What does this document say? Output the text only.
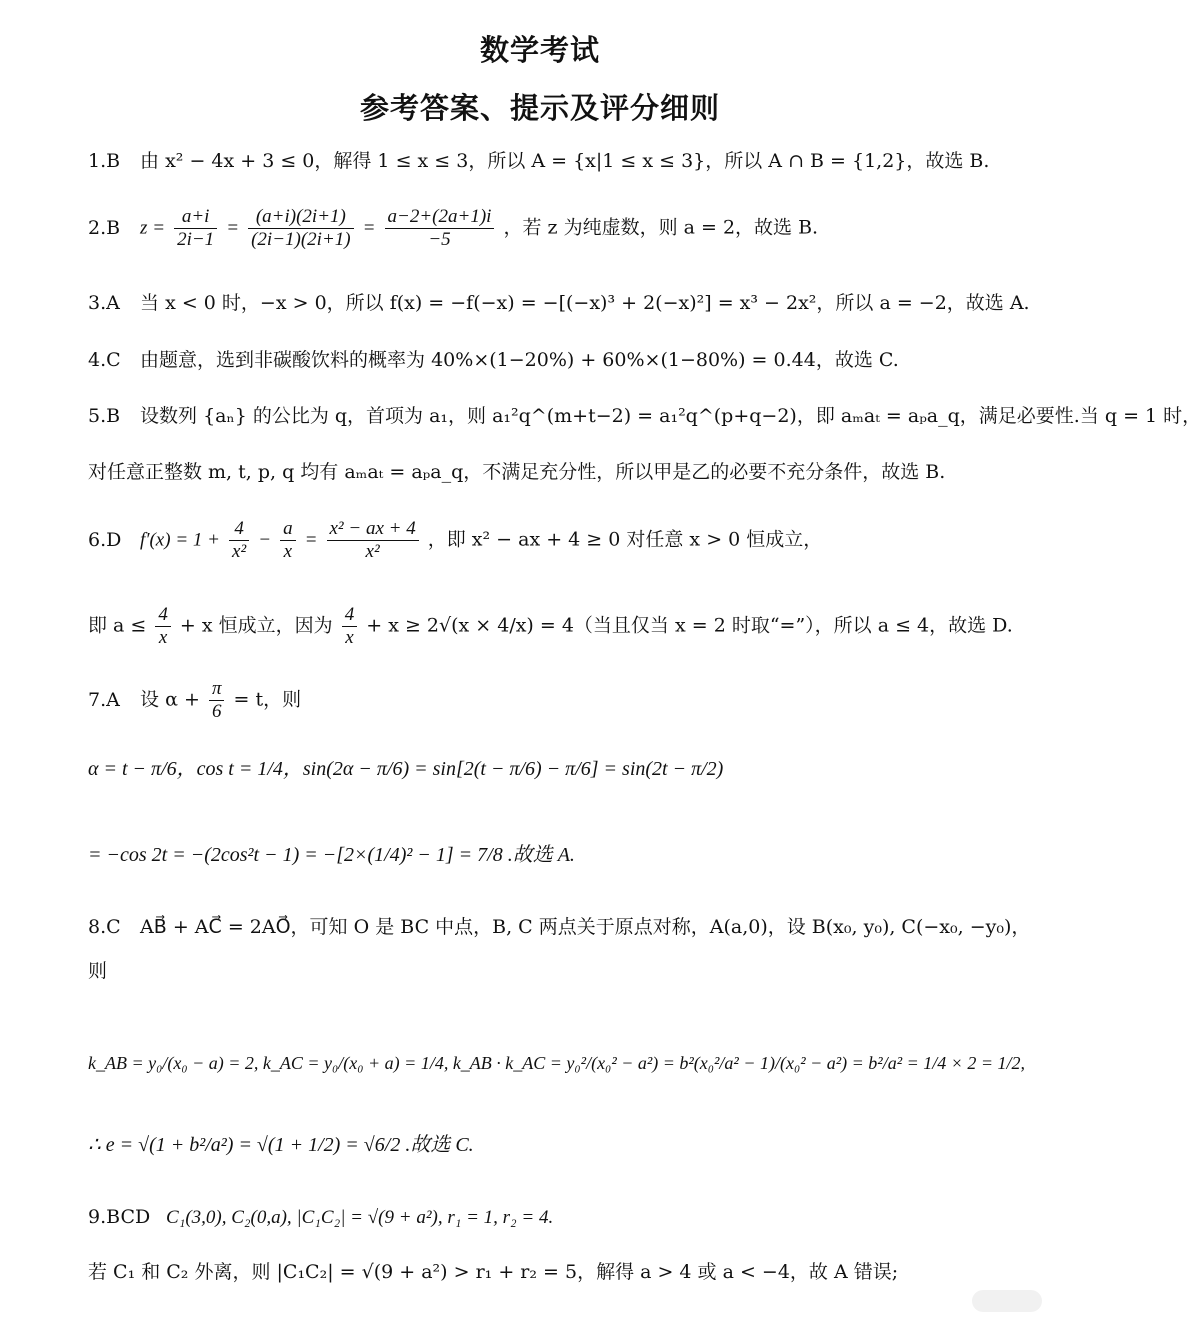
数学考试
参考答案、提示及评分细则
1.B 由 x² − 4x + 3 ≤ 0，解得 1 ≤ x ≤ 3，所以 A = {x|1 ≤ x ≤ 3}，所以 A ∩ B = {1,2}，故选 B.
2.B $z = \frac{a+i}{2i-1} = \frac{(a+i)(2i+1)}{(2i-1)(2i+1)} = \frac{a-2+(2a+1)i}{-5}$ ，若 z 为纯虚数，则 a = 2，故选 B.
3.A 当 x < 0 时，−x > 0，所以 f(x) = −f(−x) = −[(−x)³ + 2(−x)²] = x³ − 2x²，所以 a = −2，故选 A.
4.C 由题意，选到非碳酸饮料的概率为 40%×(1−20%) + 60%×(1−80%) = 0.44，故选 C.
5.B 设数列 {aₙ} 的公比为 q，首项为 a₁，则 a₁²q^(m+t−2) = a₁²q^(p+q−2)，即 aₘaₜ = aₚa_q，满足必要性.当 q = 1 时，
对任意正整数 m, t, p, q 均有 aₘaₜ = aₚa_q，不满足充分性，所以甲是乙的必要不充分条件，故选 B.
6.D $f'(x) = 1 + \frac{4}{\text{x²}} - \frac{a}{x} = \frac{\text{x² − ax + 4}}{\text{x²}}$ ，即 x² − ax + 4 ≥ 0 对任意 x > 0 恒成立，
即 $a \le \frac{4}{x} + x$ 恒成立，因为 $\frac{4}{x} + x \ge 2√(x \times 4/x) = 4$（当且仅当 x = 2 时取“=”），所以 a ≤ 4，故选 D.
7.A 设 $\alpha + \frac{\pi}{6} = t$，则
α = t − π/6，cos t = 1/4，sin(2α − π/6) = sin[2(t − π/6) − π/6] = sin(2t − π/2)
= −cos 2t = −(2cos²t − 1) = −[2×(1/4)² − 1] = 7/8 .故选 A.
8.C AB⃗ + AC⃗ = 2AO⃗，可知 O 是 BC 中点，B, C 两点关于原点对称，A(a,0)，设 B(x₀, y₀), C(−x₀, −y₀)，
则
k_AB = y₀/(x₀ − a) = 2, k_AC = y₀/(x₀ + a) = 1/4, k_AB · k_AC = y₀²/(x₀² − a²) = b²(x₀²/a² − 1)/(x₀² − a²) = b²/a² = 1/4 × 2 = 1/2,
∴ e = √(1 + b²/a²) = √(1 + 1/2) = √6/2 .故选 C.
9.BCD C₁(3,0), C₂(0,a), |C₁C₂| = √(9 + a²), r₁ = 1, r₂ = 4.
若 C₁ 和 C₂ 外离，则 |C₁C₂| = √(9 + a²) > r₁ + r₂ = 5，解得 a > 4 或 a < −4，故 A 错误;
